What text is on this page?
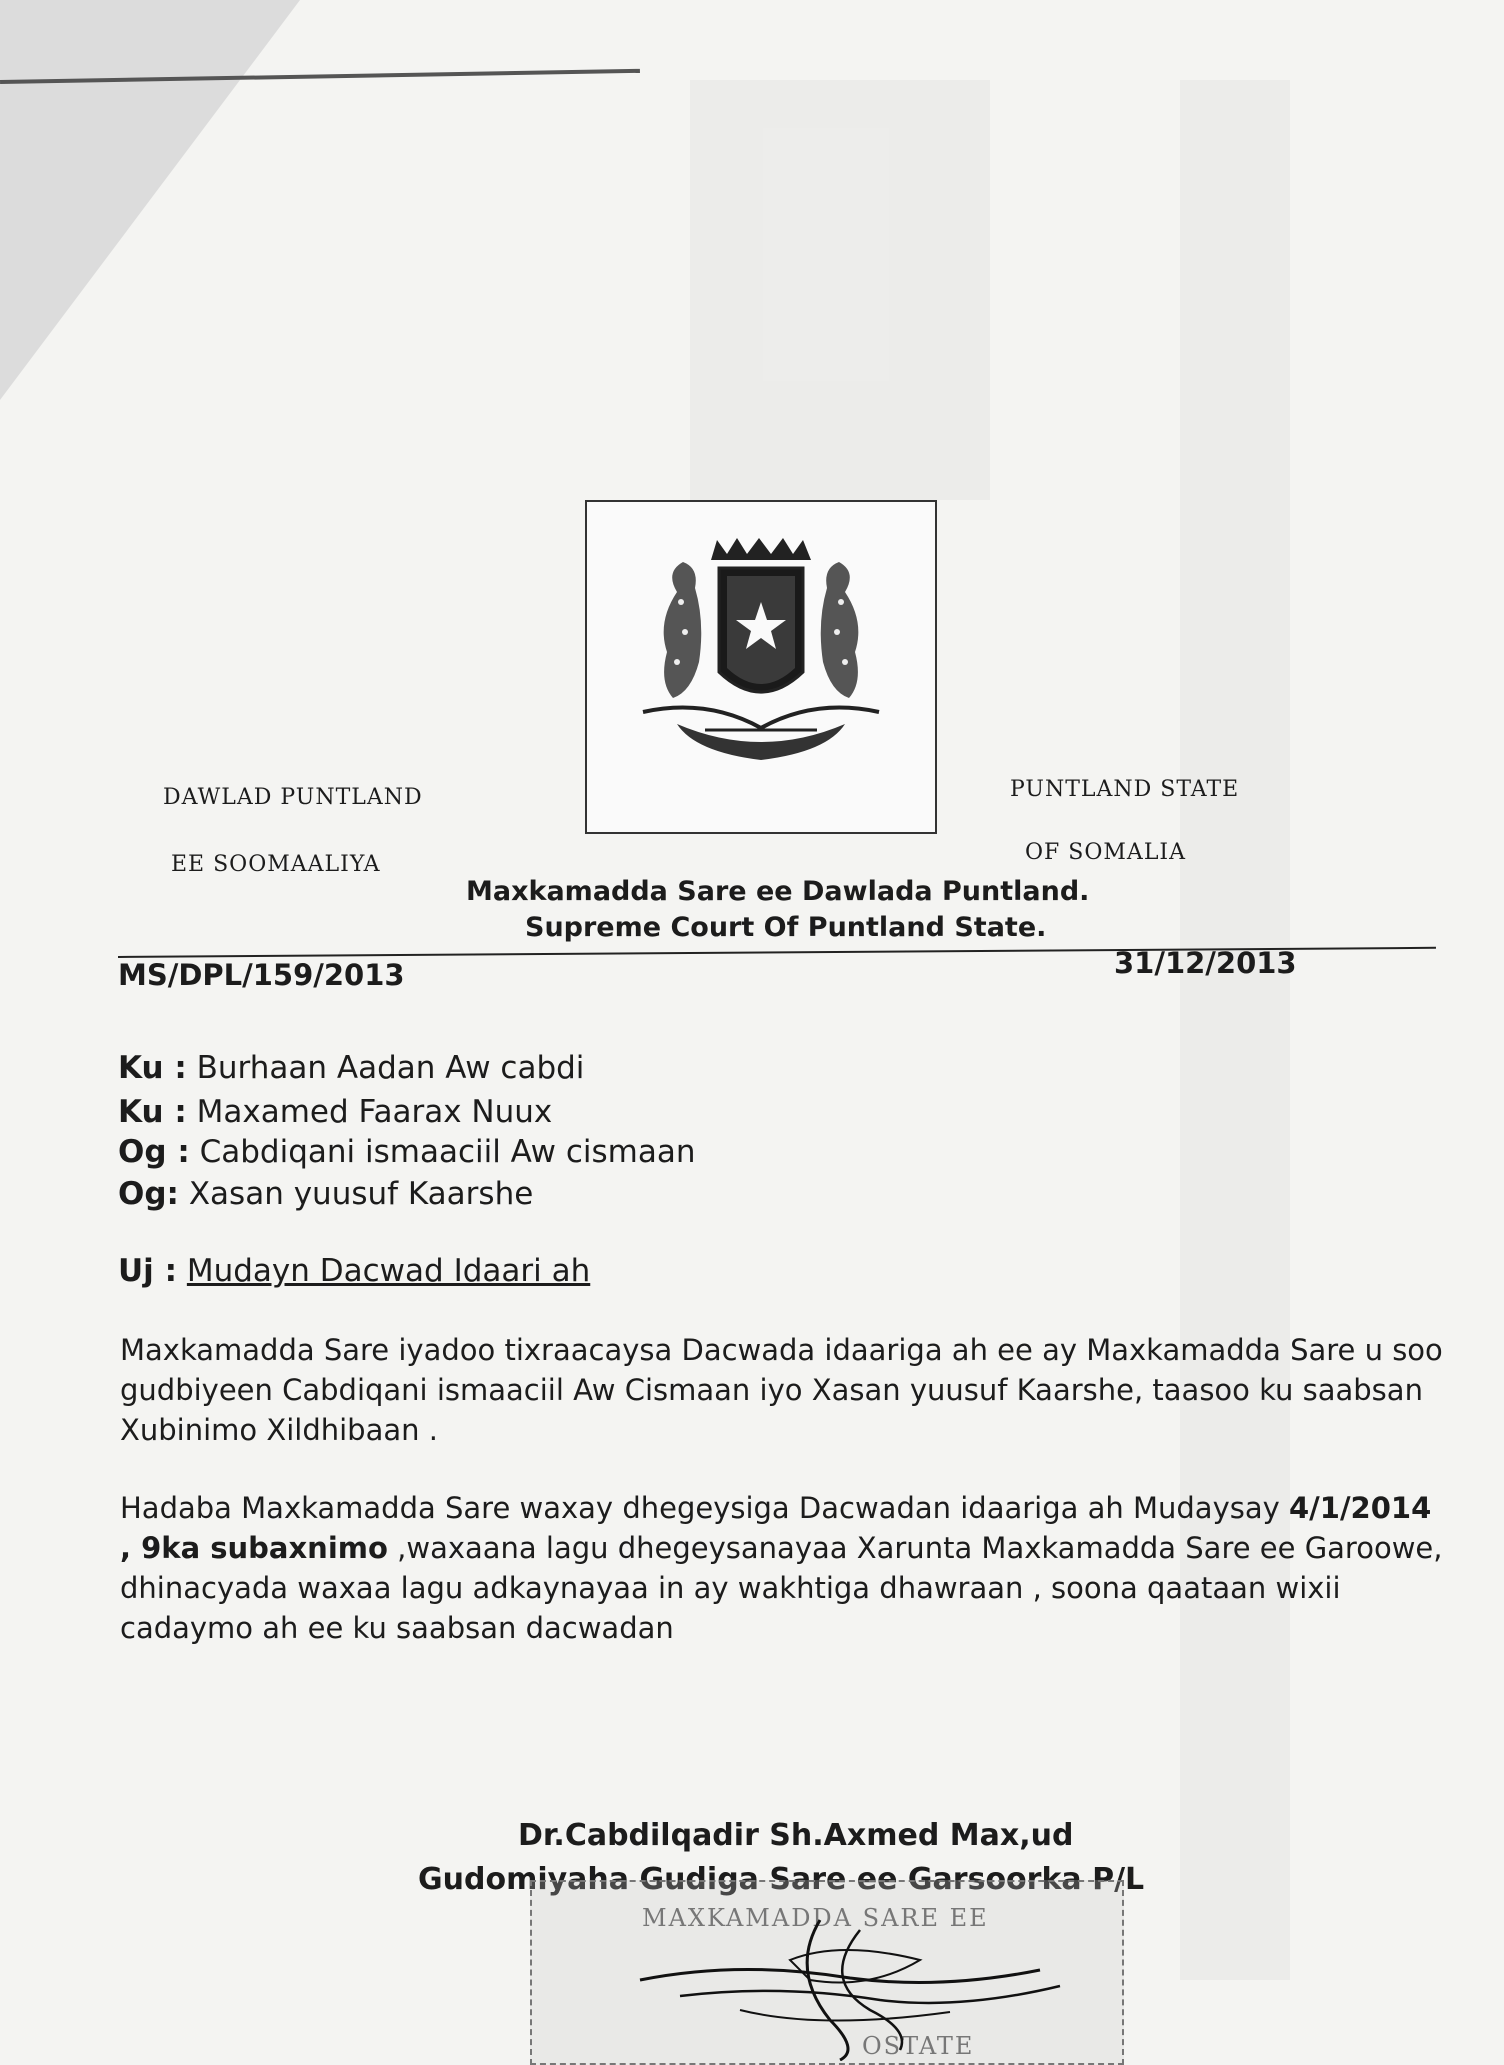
DAWLAD PUNTLAND
EE SOOMAALIYA
PUNTLAND STATE
OF SOMALIA
Maxkamadda Sare ee Dawlada Puntland.
Supreme Court Of Puntland State.
MS/DPL/159/2013	31/12/2013
Ku : Burhaan Aadan Aw cabdi
Ku : Maxamed Faarax Nuux
Og : Cabdiqani ismaaciil Aw cismaan
Og: Xasan yuusuf Kaarshe
Uj : Mudayn Dacwad Idaari ah
Maxkamadda Sare iyadoo tixraacaysa Dacwada idaariga ah ee ay Maxkamadda Sare u soo gudbiyeen Cabdiqani ismaaciil Aw Cismaan iyo Xasan yuusuf Kaarshe, taasoo ku saabsan Xubinimo Xildhibaan .
Hadaba Maxkamadda Sare waxay dhegeysiga Dacwadan idaariga ah Mudaysay 4/1/2014 , 9ka subaxnimo ,waxaana lagu dhegeysanayaa Xarunta Maxkamadda Sare ee Garoowe, dhinacyada waxaa lagu adkaynayaa in ay wakhtiga dhawraan , soona qaataan wixii cadaymo ah ee ku saabsan dacwadan
Dr.Cabdilqadir Sh.Axmed Max,ud
Gudomiyaha Gudiga Sare ee Garsoorka P/L
MAXKAMADDA SARE EE
OSTATE
